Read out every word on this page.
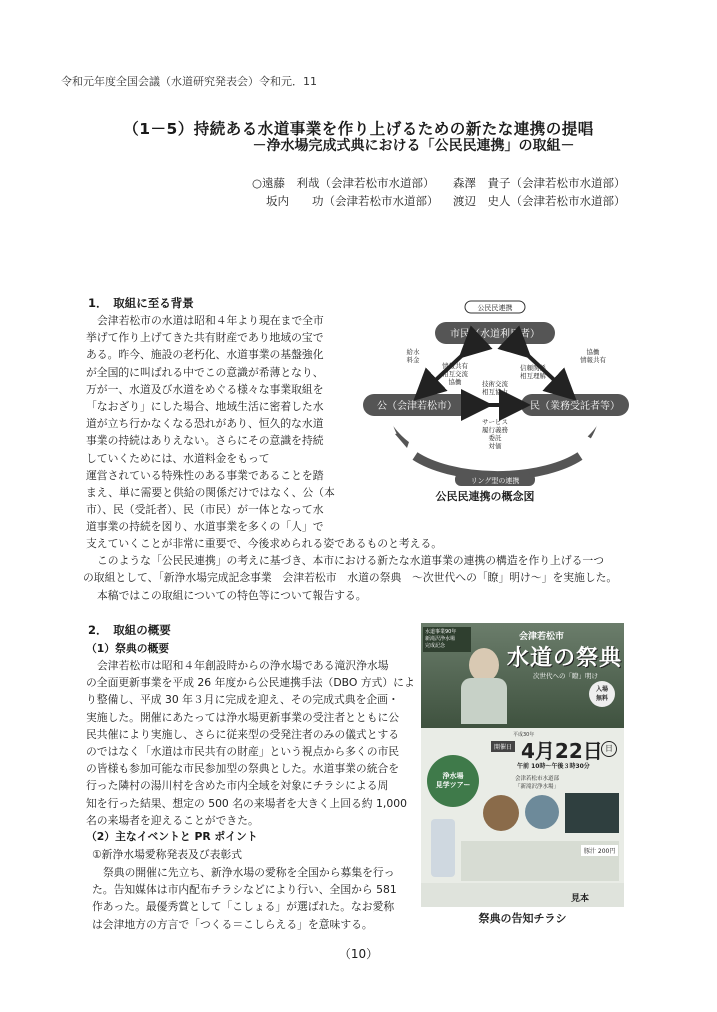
令和元年度全国会議（水道研究発表会）令和元．11
（1－5）持続ある水道事業を作り上げるための新たな連携の提唱
－浄水場完成式典における「公民民連携」の取組－
○遠藤　利哉（会津若松市水道部） 森澤　貴子（会津若松市水道部）
坂内　　功（会津若松市水道部） 渡辺　史人（会津若松市水道部）
1．　取組に至る背景

会津若松市の水道は昭和４年より現在まで全市

挙げて作り上げてきた共有財産であり地域の宝で

ある。昨今、施設の老朽化、水道事業の基盤強化

が全国的に叫ばれる中でこの意識が希薄となり、

万が一、水道及び水道をめぐる様々な事業取組を

「なおざり」にした場合、地域生活に密着した水

道が立ち行かなくなる恐れがあり、恒久的な水道

事業の持続はありえない。さらにその意識を持続

していくためには、水道料金をもって

運営されている特殊性のある事業であることを踏

まえ、単に需要と供給の関係だけではなく、公（本

市）、民（受託者）、民（市民）が一体となって水

道事業の持続を図り、水道事業を多くの「人」で

支えていくことが非常に重要で、今後求められる姿であるものと考える。

このような「公民民連携」の考えに基づき、本市における新たな水道事業の連携の構造を作り上げる一つ

の取組として、「新浄水場完成記念事業　会津若松市　水道の祭典　～次世代への「瞭」明け～」を実施した。

本稿ではこの取組についての特色等について報告する。

公民民連携
市民（水道利用者）
公（会津若松市）	民（業務受託者等）
給水
料金
情報共有
相互交流
協働
協働
情報共有
信頼関係
相互理解
技術交流
相互協力
サービス
履行義務
委託
対価
リング型の連携
公民民連携の概念図
2．　取組の概要
（1）祭典の概要

会津若松市は昭和４年創設時からの浄水場である滝沢浄水場

の全面更新事業を平成 26 年度から公民連携手法（DBO 方式）によ

り整備し、平成 30 年３月に完成を迎え、その完成式典を企画・

実施した。開催にあたっては浄水場更新事業の受注者とともに公

民共催により実施し、さらに従来型の受発注者のみの儀式とする

のではなく「水道は市民共有の財産」という視点から多くの市民

の皆様も参加可能な市民参加型の祭典とした。水道事業の統合を

行った隣村の湯川村を含めた市内全域を対象にチラシによる周

知を行った結果、想定の 500 名の来場者を大きく上回る約 1,000

名の来場者を迎えることができた。

（2）主なイベントと PR ポイント
①新浄水場愛称発表及び表彰式

祭典の開催に先立ち、新浄水場の愛称を全国から募集を行っ

た。告知媒体は市内配布チラシなどにより行い、全国から 581

作あった。最優秀賞として「こしょる」が選ばれた。なお愛称

は会津地方の方言で「つくる＝こしらえる」を意味する。

水道事業90年
新滝沢浄水場
完成記念
会津若松市
水道の祭典
次世代への「瞭」明け
入場
無料
平成30年
開催日 4月22日 日
午前 10時～午後３時30分
浄水場
見学ツアー
会津若松市水道部
「新滝沢浄水場」
豚汁 200円
見本
祭典の告知チラシ
（10）
